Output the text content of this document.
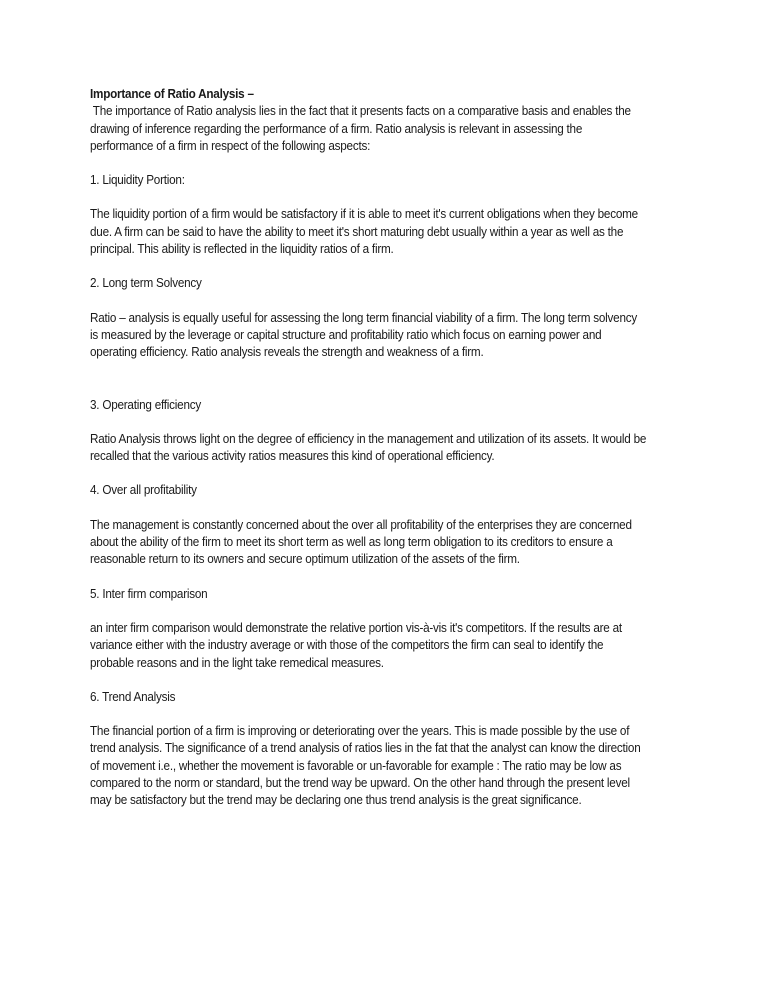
Importance of Ratio Analysis –

The importance of Ratio analysis lies in the fact that it presents facts on a comparative basis and enables the drawing of inference regarding the performance of a firm. Ratio analysis is relevant in assessing the performance of a firm in respect of the following aspects:

1. Liquidity Portion:

The liquidity portion of a firm would be satisfactory if it is able to meet it's current obligations when they become due. A firm can be said to have the ability to meet it's short maturing debt usually within a year as well as the principal. This ability is reflected in the liquidity ratios of a firm.

2. Long term Solvency

Ratio – analysis is equally useful for assessing the long term financial viability of a firm. The long term solvency is measured by the leverage or capital structure and profitability ratio which focus on earning power and operating efficiency. Ratio analysis reveals the strength and weakness of a firm.

3. Operating efficiency

Ratio Analysis throws light on the degree of efficiency in the management and utilization of its assets. It would be recalled that the various activity ratios measures this kind of operational efficiency.

4. Over all profitability

The management is constantly concerned about the over all profitability of the enterprises they are concerned about the ability of the firm to meet its short term as well as long term obligation to its creditors to ensure a reasonable return to its owners and secure optimum utilization of the assets of the firm.

5. Inter firm comparison

an inter firm comparison would demonstrate the relative portion vis-à-vis it's competitors. If the results are at variance either with the industry average or with those of the competitors the firm can seal to identify the probable reasons and in the light take remedical measures.

6. Trend Analysis

The financial portion of a firm is improving or deteriorating over the years. This is made possible by the use of trend analysis. The significance of a trend analysis of ratios lies in the fat that the analyst can know the direction of movement i.e., whether the movement is favorable or un-favorable for example : The ratio may be low as compared to the norm or standard, but the trend way be upward. On the other hand through the present level may be satisfactory but the trend may be declaring one thus trend analysis is the great significance.
